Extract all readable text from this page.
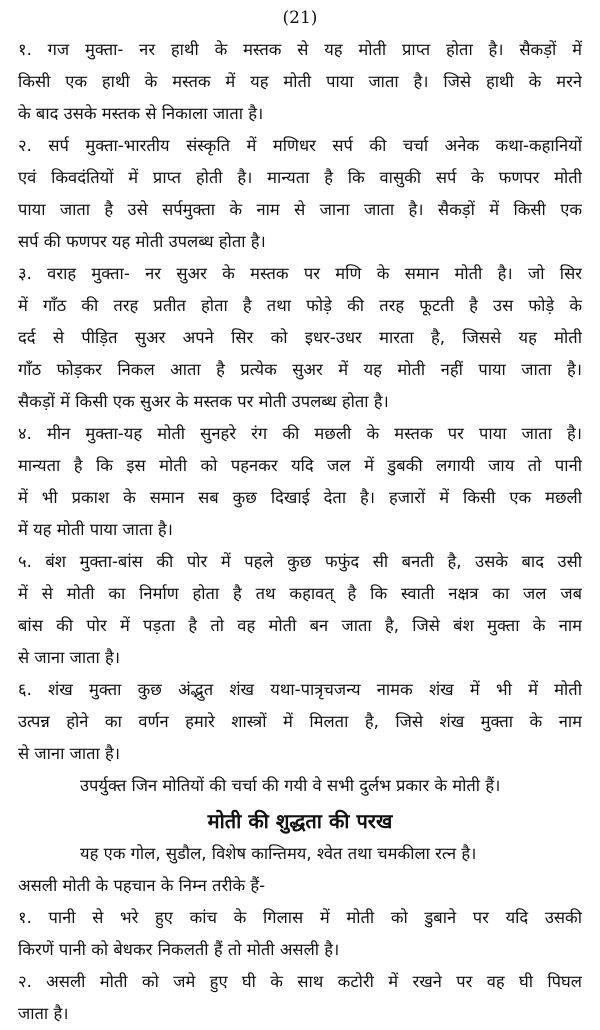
(21)
१. गज मुक्ता- नर हाथी के मस्तक से यह मोती प्राप्त होता है। सैकड़ों में
किसी एक हाथी के मस्तक में यह मोती पाया जाता है। जिसे हाथी के मरने
के बाद उसके मस्तक से निकाला जाता है।
२. सर्प मुक्ता-भारतीय संस्कृति में मणिधर सर्प की चर्चा अनेक कथा-कहानियों
एवं किवदंतियों में प्राप्त होती है। मान्यता है कि वासुकी सर्प के फणपर मोती
पाया जाता है उसे सर्पमुक्ता के नाम से जाना जाता है। सैकड़ों में किसी एक
सर्प की फणपर यह मोती उपलब्ध होता है।
३. वराह मुक्ता- नर सुअर के मस्तक पर मणि के समान मोती है। जो सिर
में गाँठ की तरह प्रतीत होता है तथा फोड़े की तरह फूटती है उस फोड़े के
दर्द से पीड़ित सुअर अपने सिर को इधर-उधर मारता है, जिससे यह मोती
गाँठ फोड़कर निकल आता है प्रत्येक सुअर में यह मोती नहीं पाया जाता है।
सैकड़ों में किसी एक सुअर के मस्तक पर मोती उपलब्ध होता है।
४. मीन मुक्ता-यह मोती सुनहरे रंग की मछली के मस्तक पर पाया जाता है।
मान्यता है कि इस मोती को पहनकर यदि जल में डुबकी लगायी जाय तो पानी
में भी प्रकाश के समान सब कुछ दिखाई देता है। हजारों में किसी एक मछली
में यह मोती पाया जाता है।
५. बंश मुक्ता-बांस की पोर में पहले कुछ फफुंद सी बनती है, उसके बाद उसी
में से मोती का निर्माण होता है तथ कहावत् है कि स्वाती नक्षत्र का जल जब
बांस की पोर में पड़ता है तो वह मोती बन जाता है, जिसे बंश मुक्ता के नाम
से जाना जाता है।
६. शंख मुक्ता कुछ अंद्भुत शंख यथा-पात्रृचजन्य नामक शंख में भी में मोती
उत्पन्न होने का वर्णन हमारे शास्त्रों में मिलता है, जिसे शंख मुक्ता के नाम
से जाना जाता है।
उपर्युक्त जिन मोतियों की चर्चा की गयी वे सभी दुर्लभ प्रकार के मोती हैं।
मोती की शुद्धता की परख
यह एक गोल, सुडौल, विशेष कान्तिमय, श्वेत तथा चमकीला रत्न है।
असली मोती के पहचान के निम्न तरीके हैं-
१. पानी से भरे हुए कांच के गिलास में मोती को डुबाने पर यदि उसकी
किरणें पानी को बेधकर निकलती हैं तो मोती असली है।
२. असली मोती को जमे हुए घी के साथ कटोरी में रखने पर वह घी पिघल
जाता है।
